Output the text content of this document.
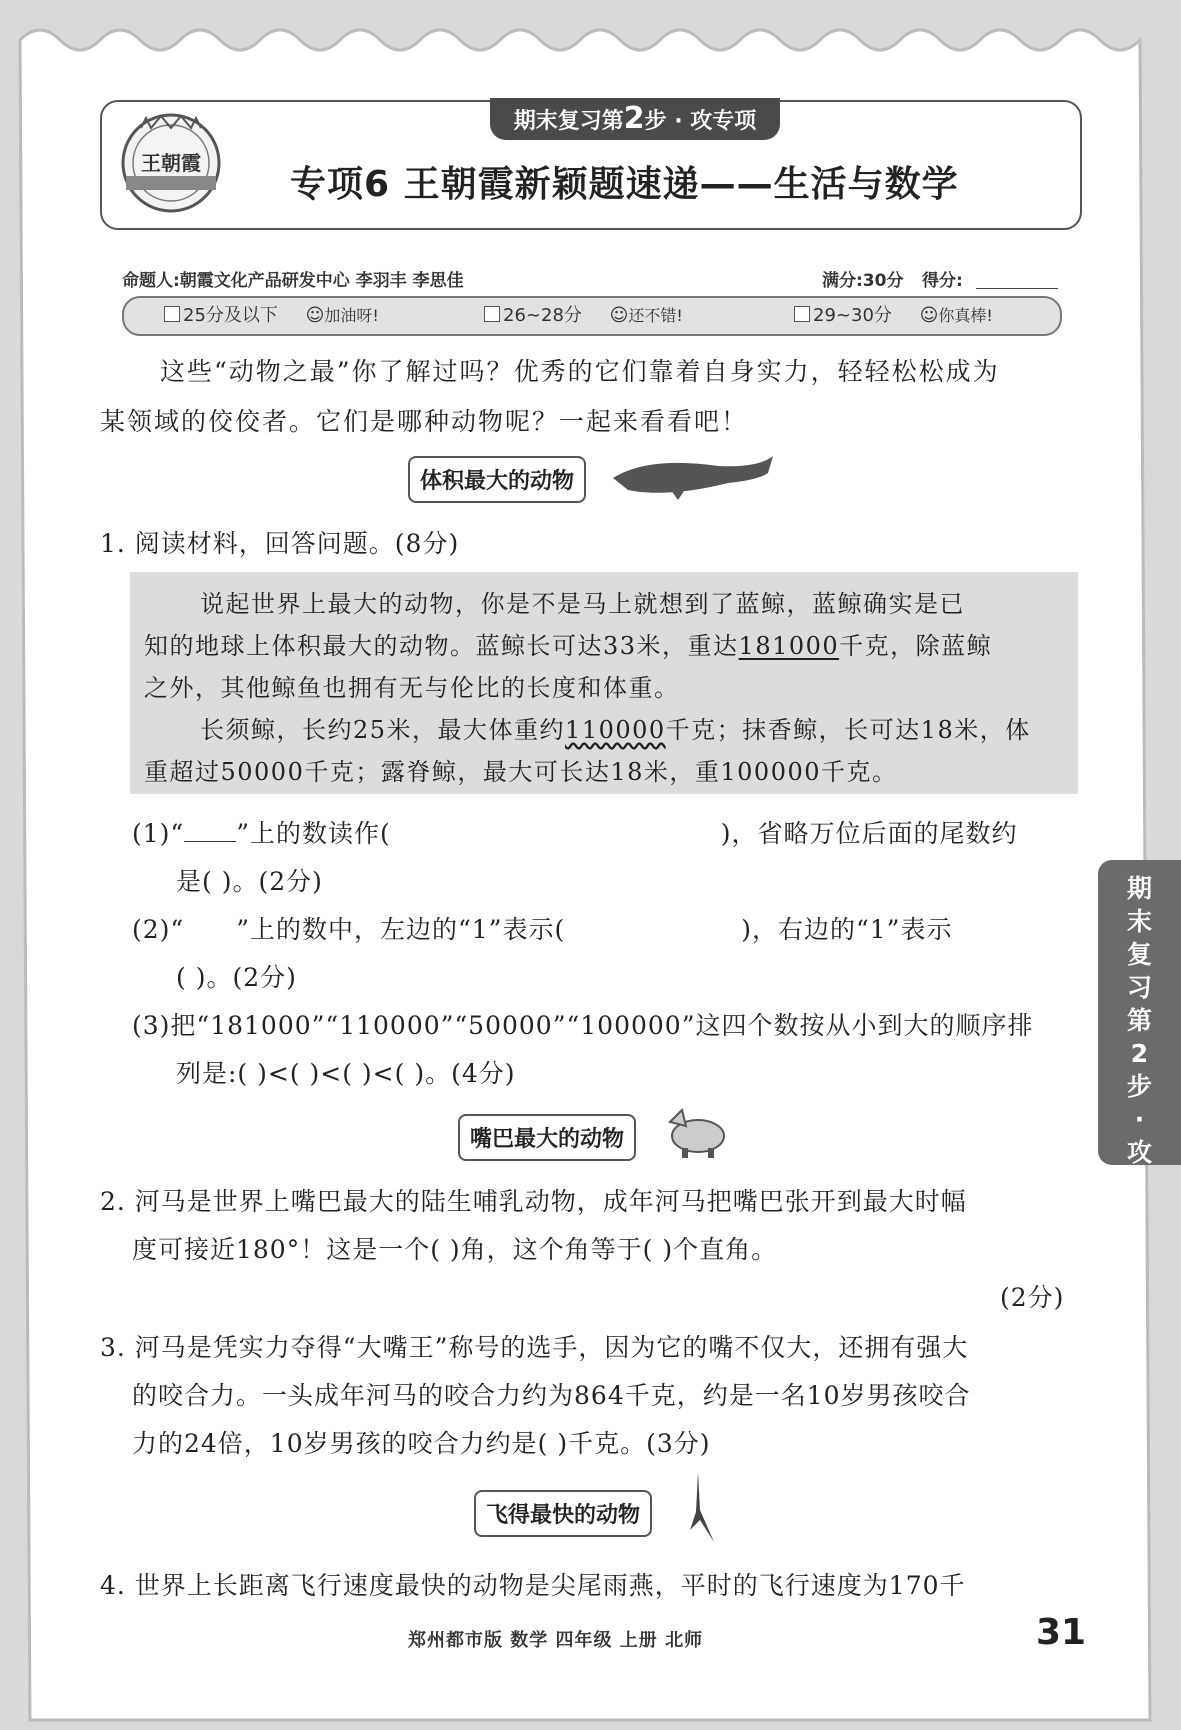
王朝霞
期末复习第2步 · 攻专项
专项6 王朝霞新颖题速递——生活与数学
命题人:朝霞文化产品研发中心 李羽丰 李思佳	满分:30分 得分:
25分及以下 ☺加油呀!	26~28分 ☺还不错!	29~30分 ☺你真棒!
这些“动物之最”你了解过吗？优秀的它们靠着自身实力，轻轻松松成为
某领域的佼佼者。它们是哪种动物呢？一起来看看吧！
体积最大的动物
1. 阅读材料，回答问题。(8分)
说起世界上最大的动物，你是不是马上就想到了蓝鲸，蓝鲸确实是已
知的地球上体积最大的动物。蓝鲸长可达33米，重达181000千克，除蓝鲸
之外，其他鲸鱼也拥有无与伦比的长度和体重。
长须鲸，长约25米，最大体重约110000千克；抹香鲸，长可达18米，体
重超过50000千克；露脊鲸，最大可长达18米，重100000千克。
(1)“ ”上的数读作(	)，省略万位后面的尾数约
是( )。(2分)
(2)“ ”上的数中，左边的“1”表示(	)，右边的“1”表示
( )。(2分)
(3)把“181000”“110000”“50000”“100000”这四个数按从小到大的顺序排
列是:( )<( )<( )<( )。(4分)
嘴巴最大的动物
2. 河马是世界上嘴巴最大的陆生哺乳动物，成年河马把嘴巴张开到最大时幅
度可接近180°！这是一个( )角，这个角等于( )个直角。
(2分)
3. 河马是凭实力夺得“大嘴王”称号的选手，因为它的嘴不仅大，还拥有强大
的咬合力。一头成年河马的咬合力约为864千克，约是一名10岁男孩咬合
力的24倍，10岁男孩的咬合力约是( )千克。(3分)
飞得最快的动物
4. 世界上长距离飞行速度最快的动物是尖尾雨燕，平时的飞行速度为170千
期
末
复
习
第
2
步
·
攻
郑州都市版 数学 四年级 上册 北师	31
